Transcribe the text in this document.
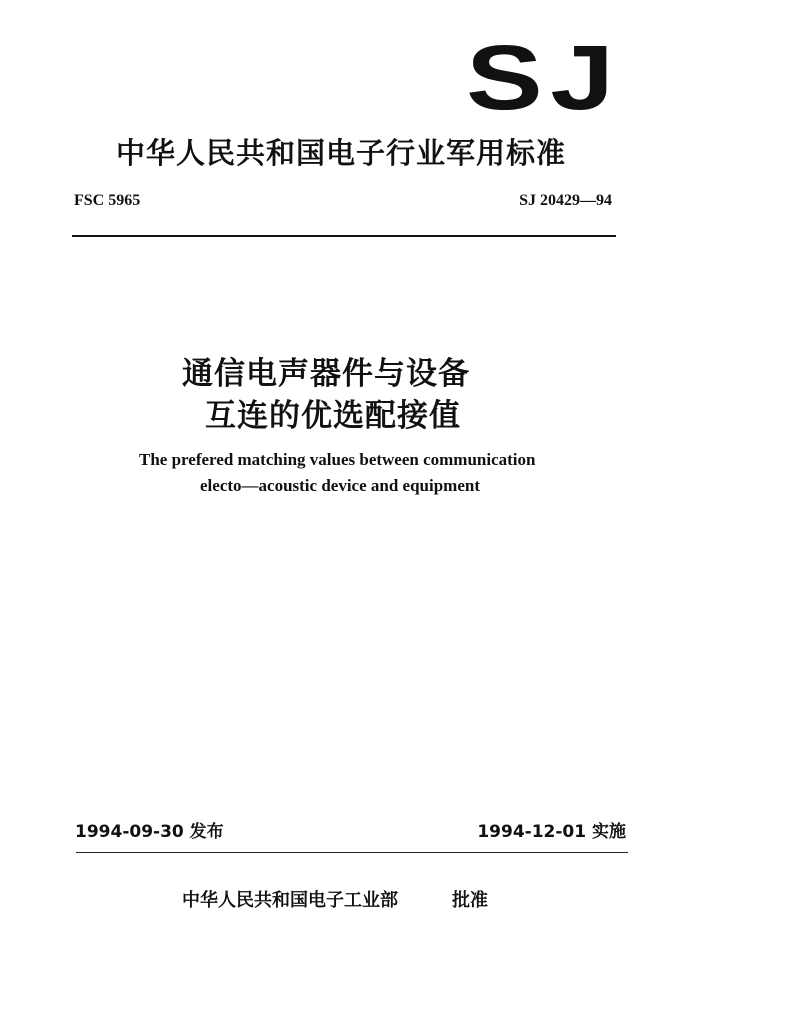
SJ
中华人民共和国电子行业军用标准
FSC 5965	SJ 20429—94
通信电声器件与设备
互连的优选配接值
The prefered matching values between communication
electo—acoustic device and equipment
1994-09-30 发布	1994-12-01 实施
中华人民共和国电子工业部	批准
